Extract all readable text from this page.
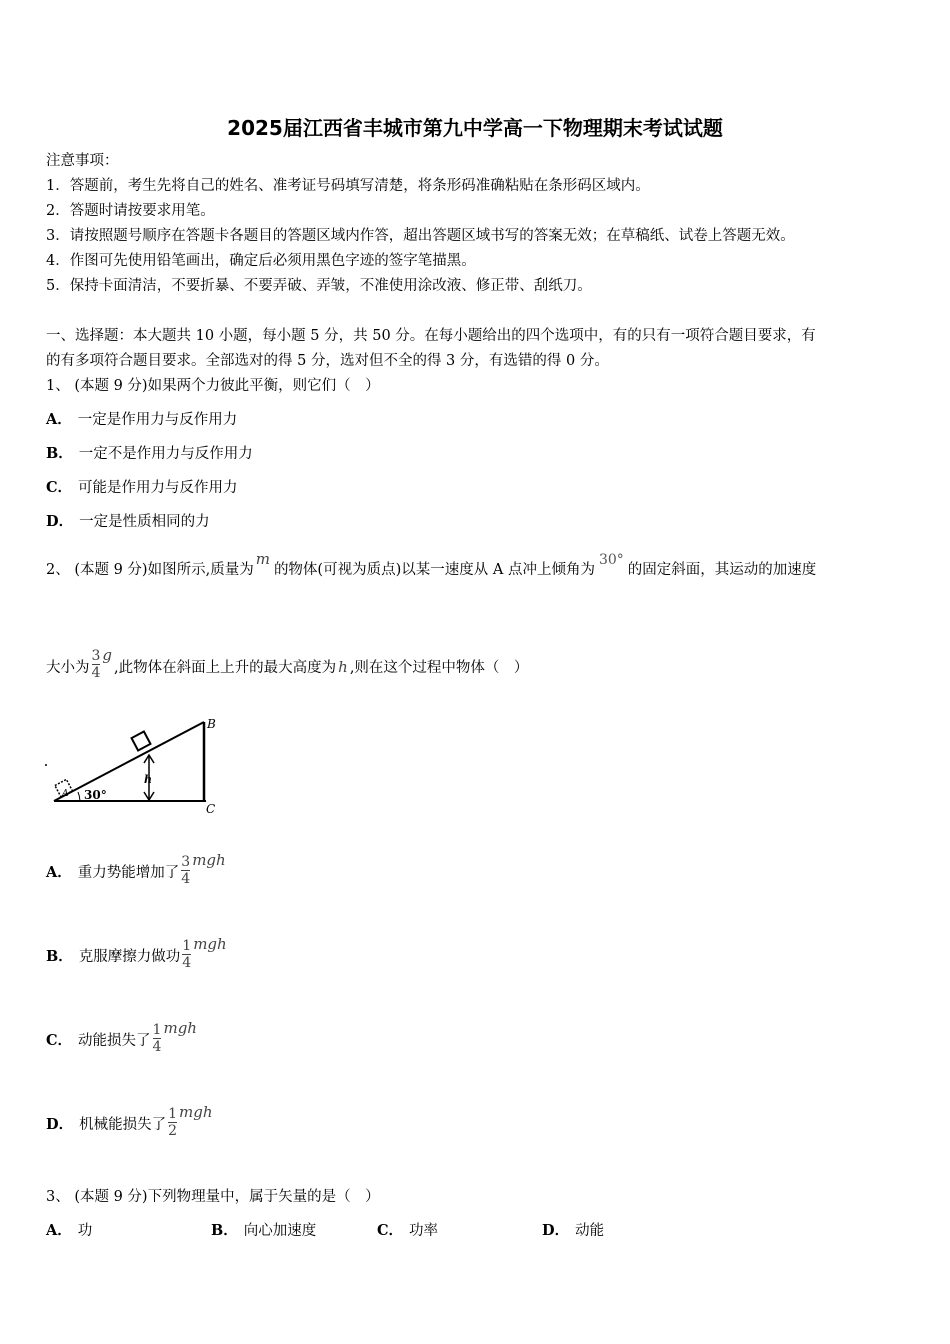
2025届江西省丰城市第九中学高一下物理期末考试试题
注意事项：
1．答题前，考生先将自己的姓名、准考证号码填写清楚，将条形码准确粘贴在条形码区域内。
2．答题时请按要求用笔。
3．请按照题号顺序在答题卡各题目的答题区域内作答，超出答题区域书写的答案无效；在草稿纸、试卷上答题无效。
4．作图可先使用铅笔画出，确定后必须用黑色字迹的签字笔描黑。
5．保持卡面清洁，不要折暴、不要弄破、弄皱，不准使用涂改液、修正带、刮纸刀。
一、选择题：本大题共 10 小题，每小题 5 分，共 50 分。在每小题给出的四个选项中，有的只有一项符合题目要求，有
的有多项符合题目要求。全部选对的得 5 分，选对但不全的得 3 分，有选错的得 0 分。
1、 (本题 9 分)如果两个力彼此平衡，则它们（　）
A． 一定是作用力与反作用力
B． 一定不是作用力与反作用力
C． 可能是作用力与反作用力
D． 一定是性质相同的力
2、 (本题 9 分)如图所示,质量为m的物体(可视为质点)以某一速度从 A 点冲上倾角为30°的固定斜面，其运动的加速度
大小为 $\frac{3}{4} g$,此物体在斜面上上升的最大高度为 h ,则在这个过程中物体（　）
h
B
C
A 30°
A． 重力势能增加了 $\frac{3}{4}$ mgh
B． 克服摩擦力做功 $\frac{1}{4}$ mgh
C． 动能损失了 $\frac{1}{4}$ mgh
D． 机械能损失了 $\frac{1}{2}$ mgh
3、 (本题 9 分)下列物理量中，属于矢量的是（　）
A． 功	B． 向心加速度	C． 功率	D． 动能
